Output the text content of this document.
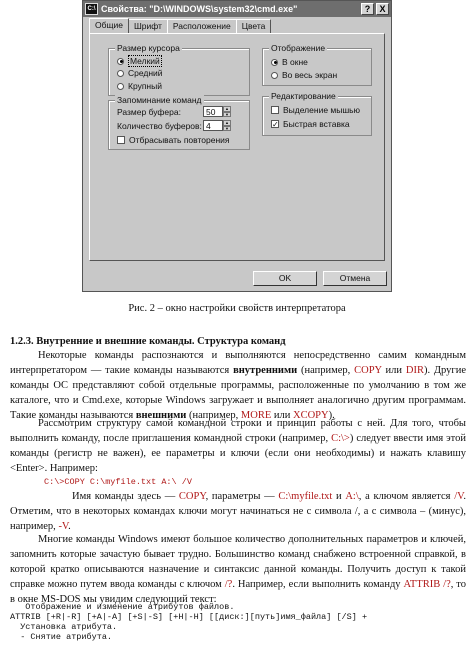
C:\ Свойства: "D:\WINDOWS\system32\cmd.exe"	?	X
Общие	Шрифт	Расположение	Цвета
Размер курсора
Мелкий
Средний
Крупный
Отображение
В окне
Во весь экран
Запоминание команд
Размер буфера:	50	▲
▼
Количество буферов: 4	▲
▼
Отбрасывать повторения
Редактирование
Выделение мышью
✓ Быстрая вставка
OK	Отмена
Рис. 2 – окно настройки свойств интерпретатора

1.2.3. Внутренние и внешние команды. Структура команд

Некоторые команды распознаются и выполняются непосредственно самим командным интерпретатором — такие команды называются внутренними (например, COPY или DIR). Другие команды ОС представляют собой отдельные программы, расположенные по умолчанию в том же каталоге, что и Cmd.exe, которые Windows загружает и выполняет аналогично другим программам. Такие команды называются внешними (например, MORE или XCOPY).

Рассмотрим структуру самой командной строки и принцип работы с ней. Для того, чтобы выполнить команду, после приглашения командной строки (например, C:\>) следует ввести имя этой команды (регистр не важен), ее параметры и ключи (если они необходимы) и нажать клавишу <Enter>. Например:

C:\>COPY C:\myfile.txt A:\ /V

Имя команды здесь — COPY, параметры — C:\myfile.txt и A:\, а ключом является /V. Отметим, что в некоторых командах ключи могут начинаться не с символа /, а с символа – (минус), например, -V.

Многие команды Windows имеют большое количество дополнительных параметров и ключей, запомнить которые зачастую бывает трудно. Большинство команд снабжено встроенной справкой, в которой кратко описываются назначение и синтаксис данной команды. Получить доступ к такой справке можно путем ввода команды с ключом /?. Например, если выполнить команду ATTRIB /?, то в окне MS-DOS мы увидим следующий текст:

Отображение и изменение атрибутов файлов.
ATTRIB [+R|-R] [+A|-A] [+S|-S] [+H|-H] [[диск:][путь]имя_файла] [/S] +
Установка атрибута.
- Снятие атрибута.
